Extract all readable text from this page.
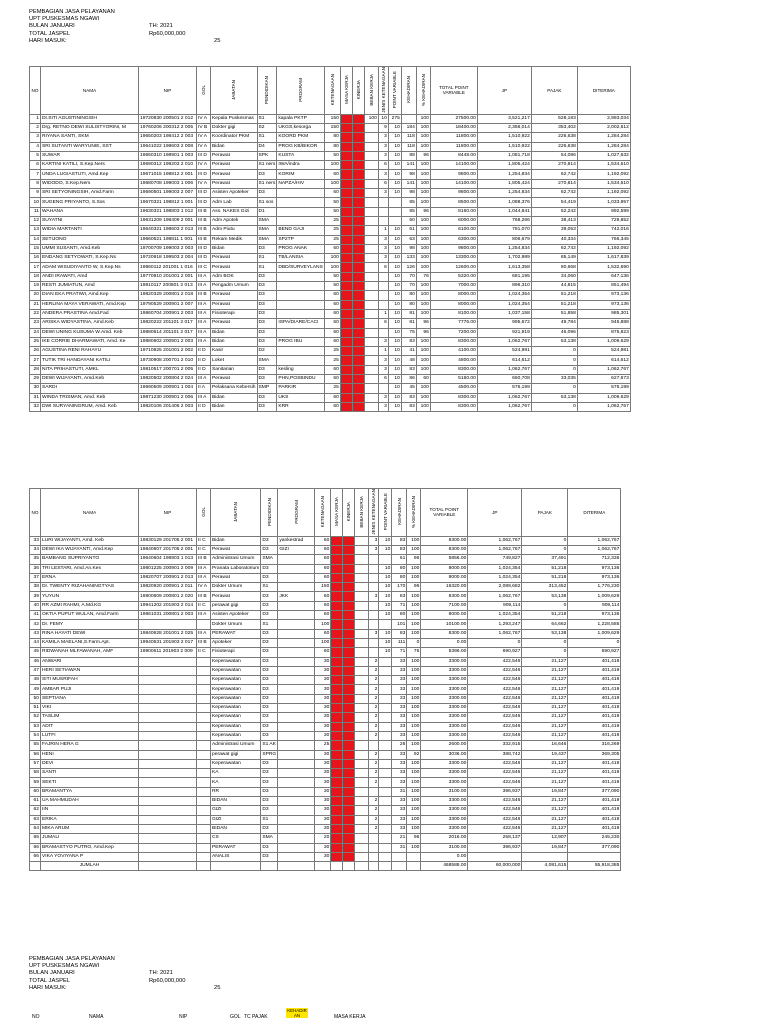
PEMBAGIAN JASA PELAYANAN
UPT PUSKESMAS NGAWI
BULAN JANUARI	TH: 2021
TOTAL JASPEL	Rp60,000,000
HARI MASUK:	25
NO	NAMA	NIP	GOL	JABATAN	PENDIDIKAN	PROGRAM	KETENAGAAN	MASA KERJA	KINERJA	BEBAN KERJA	JENIS KETENAGAAN	POINT VARIABLE	KEHADIRAN	% KEHADIRAN	TOTAL POINT VARIABLE	JP	PAJAK	DITERIMA
1	Dr.SITI AGUSTININGSIH	19720830 200501 2 012	IV A	Kepala Puskesmas	S1	kapala PKTP	150			100	10	275		100	27500.00	3,521,217	528,183	2,993,034
2	Drg. RETNO DEWI SULISTYORINI, M	19760206 200312 2 005	IV B	Dokter gigi	S2	UKGS,kesorga	150				9	10	184	100	18400.00	2,356,014	353,402	2,002,612
3	RIYANA SANTI, SKM	19650203 198412 2 003	IV A	Koordinator PKM	S1	KOORD PKM	80				3	10	118	100	11800.00	1,510,922	226,638	1,284,284
4	SRI SUTANTI WARYUNIE, SST	19641022 198603 2 008	IV A	Bidan	D4	PROG KB/BIKOR	80				3	10	118	100	11800.00	1,510,922	226,638	1,284,284
5	SUWAR	19650310 198901 1 003	III D	Perawat	SPK	KUSTA	50				3	10	88	96	8448.00	1,081,718	54,086	1,027,632
6	KARTINI KATILI, S.Kep.Ners	19690312 199203 2 010	IV A	Perawat	S1 ners	IWA/indra	100				6	10	141	100	14100.00	1,805,424	270,814	1,534,610
7	UNDA LUGIASTUTI, Amd.Kep	19671015 198812 2 001	III D	Perawat	D3	KORIM	60				3	10	98	100	9800.00	1,254,834	62,742	1,192,092
8	WIDODO, S.Kep.Ners	19680708 199003 1 006	IV A	Perawat	S1 ners	NAPZA/HIV	100				6	10	141	100	14100.00	1,805,424	270,814	1,534,610
9	SRI SETYONINGSIH, Amd.Farm	19690501 199003 2 007	III D	Asisten Apoteker	D3		60				3	10	98	100	9800.00	1,254,834	62,742	1,192,092
10	SUGENG PRIYANTO, S.Sos	19670321 198812 1 001	III D	Adm Lab	S1 sos		50						85	100	8500.00	1,088,376	54,419	1,033,957
11	WAHANA	19630321 198803 1 012	III B	Ass. NAKES Gizi	D1		50						85	96	8160.00	1,044,841	52,242	992,599
12	SUYATNI	19631209 198409 2 001	III B	Adm Apotek	SMA		25						60	100	6000.00	768,266	38,413	729,852
13	WIDIA MARTANTI	19640321 198603 2 013	III B	Adm Piutu	SMA	BEND GAJI	25				1	10	61	100	6100.00	781,070	39,053	742,016
14	SETIJONO	19660521 198811 1 001	III B	Rekam Medik	SMA	SP2TP	25				3	10	63	100	6300.00	806,679	40,334	766,345
15	UMMI SUSANTI, Amd.Keb	19700709 199003 2 003	III D	Bidan	D3	PROG ANAK	60				3	10	98	100	9800.00	1,254,834	62,742	1,192,092
16	ENDANG SETYOWATI, S.Kep.Ns	19720918 199503 2 004	III D	Perawat	S1	TB/LANSIA	100				3	10	133	100	13300.00	1,702,989	85,149	1,617,839
17	ADAM WISUDIYANTO W, S.Kep.Ns	19860112 201001 1 016	III C	Perawat	S1	DBD/SURVEYLANS	100				6	10	126	100	12600.00	1,613,358	80,668	1,532,690
18	ANDI IRAWATI, Amd	19770910 201001 2 001	III A	Adm BOK	D3		50					10	70	76	5320.00	681,195	34,060	647,136
19	RESTI JUMIATUN, Amd	19810117 200801 2 013	III A	Pengadm Umum	D3		50					10	70	100	7000.00	896,310	44,815	851,494
20	DIAN EKA PRATIWI, Amd.Kep	19820329 200801 2 018	III B	Perawat	D3		60					10	80	100	8000.00	1,024,354	51,218	973,136
21	HERLINA MAYA VERAWATI, Amd.Kep	19790529 200901 2 007	III A	Perawat	D3		60					10	80	100	8000.00	1,024,354	51,218	973,136
22	ANDERA PRASTINA Amd.Fad	19860704 200901 2 003	III A	Fisioterapi	D3		60				1	10	81	100	8100.00	1,037,158	51,858	985,301
23	ARISKA WIDYASTINA, Amd.Keb	19820222 201101 2 017	III A	Perawat	D3	ISPA/DIARE/CACI	60				6	10	81	96	7776.00	995,672	49,784	945,888
24	DEWI UNING KUSUMA W.Amd. Keb	19880614 201101 2 017	III A	Bidan	D3		60					10	75	96	7200.00	921,919	46,096	875,823
25	IKE CORRIE DHARMAWATI, Amd. Ke	19880602 200901 2 003	III A	Bidan	D3	PROG IBU	60				3	10	83	100	8300.00	1,062,767	53,138	1,009,629
26	AGUSTINA RENI RAHAYU	19710825 201001 2 002	II D	Kasir	D2		25				1	10	41	100	4100.00	524,981	0	524,981
27	TUTIK TRI HANDAYANI KATILI	19730908 200701 2 010	II D	Loket	SMA		25				3	10	48	100	4800.00	614,612	0	614,612
28	NITA PRIHASTUTI, AMKL	19810517 200701 2 005	II D	Sanitarian	D3	kesling	60				3	10	83	100	8300.00	1,062,767	0	1,062,767
29	DEWI WIJAYANTI, Amd.Keb	19820502 200804 2 024	III A	Perawat	D3	PHN,POSBINDU	60				6	10	86	60	5160.00	660,708	33,035	627,673
30	SARDI	19690509 200901 1 004	II A	Pelaksana Kebersih	SMP	PARKIR	25					10	45	100	4500.00	576,199	0	576,199
31	WINDA TRISMAN, Amd. Keb	19871230 200901 2 006	III A	Bidan	D3	UKS	60				3	10	83	100	8300.00	1,062,767	53,138	1,009,629
32	DWI SURYANINGRUM, Amd. Keb	19820106 201406 2 003	II D	Bidan	D3	KRR	60				3	10	83	100	8300.00	1,062,767	0	1,062,767
NO	NAMA	NIP	GOL	JABATAN	PENDIDIKAN	PROGRAM	KETENAGAAN	MASA KERJA	KINERJA	BEBAN KERJA	JENIS KETENAGAAN	POINT VARIABLE	KEHADIRAN	% KEHADIRAN	TOTAL POINT VARIABLE	JP	PAJAK	DITERIMA
33	LURI WIJAYANTI, Amd. Keb	19830129 201705 2 001	II C	Bidan	D3	yankestrad	60				3	10	83	100	8300.00	1,062,767	0	1,062,767
34	DEWI IKA WIJAYANTI, Amd.Kep	19840607 201705 2 001	II C	Perawat	D3	GIZI	60				3	10	83	100	8300.00	1,062,767	0	1,062,767
35	BAMBANG SUPRIYANTO	19640604 198903 1 013	III B	Administrasi Umum	SMA		60						61	96	5856.00	749,827	37,491	712,336
36	TRI LESTARI, Amd.An.Kes	19801225 200901 2 009	III A	Pranata Laboratorium	D3		60					10	80	100	8000.00	1,024,354	51,218	973,136
37	ERNA	19820707 200901 2 013	III A	Perawat	D3		60					10	80	100	8000.00	1,024,354	51,218	973,136
38	Dr. TWENTY RIZAHANINGTYAS	19820920 200901 2 011	IV A	Dokter Umum	S1		150					10	170	96	16320.00	2,089,682	313,452	1,776,230
39	YUYUN	19800609 200801 2 020	III B	Perawat	D3	JKK	60				3	10	83	100	8300.00	1,062,767	53,138	1,009,629
40	RR AZMI RAHMI, A.Md.KG	19941202 201903 2 014	II C	perawat gigi	D3		60					10	71	100	7100.00	909,114	0	909,114
41	OKTIA PUPUT WULAN, Amd.Farm	19861031 200801 2 003	III A	Asisten Apoteker	D3		60					10	80	100	8000.00	1,024,354	51,218	973,136
42	Dr. FEMY			Dokter Umum	S1		100						101	100	10100.00	1,293,247	64,662	1,228,585
43	RINA HAYATI DEWI	19840628 201001 2 025	III A	PERAWAT	D3		60				3	10	83	100	8300.00	1,062,767	53,138	1,009,629
44	KAMILA MAELANI,S.Farm.Apt.	19940531 201903 2 017	III B	Apoteker	D3		100					10	111	0	0.00	0	0	0
45	RIDWANAH MLFAWANAH, AMF	19900611 201903 2 009	II C	Fisioterapi	D3		60					10	71	76	5396.00	690,927	0	690,927
46	ANWARI			Keperawatan	D3		30				2		33	100	3300.00	422,546	21,127	401,419
47	HERI SETIAWAN			Keperawatan	D3		30				2		33	100	3300.00	422,546	21,127	401,419
48	SITI MUSRIFAH			Keperawatan	D3		30				2		33	100	3300.00	422,546	21,127	401,419
49	AMBAR PUJI			Keperawatan	D3		30				2		33	100	3300.00	422,546	21,127	401,419
50	SEPTIANA			Keperawatan	D3		30				2		33	100	3300.00	422,546	21,127	401,419
51	VIKI			Keperawatan	D3		30				2		33	100	3300.00	422,546	21,127	401,419
52	TASLIM			Keperawatan	D3		30				2		33	100	3300.00	422,546	21,127	401,419
53	ADIT			Keperawatan	D3		30				2		33	100	3300.00	422,546	21,127	401,419
54	LUTFI			Keperawatan	D3		30				2		33	100	3300.00	422,546	21,127	401,419
55	FAJRIN HERA G			Administrasi Umum	S1 AK		25						26	100	2600.00	332,915	16,646	316,269
56	HENI			perawat gigi	SPRG		30				2		33	92	3036.00	388,742	19,437	369,305
57	DEVI			Keperawatan	D3		30				2		33	100	3300.00	422,546	21,127	401,419
58	SANTI			KA	D3		30				2		33	100	3300.00	422,546	21,127	401,419
59	SEKTI			KA	D3		30				2		33	100	3300.00	422,546	21,127	401,419
60	BRAMANTYA			RR	D3		30						31	100	3100.00	396,937	19,847	377,090
61	UA MAHMUDAH			BIDAN	D3		30				2		33	100	3300.00	422,546	21,127	401,419
62	IIN			GIZI	D3		30				2		33	100	3300.00	422,546	21,127	401,419
63	ERIKA			GIZI	S1		30				2		33	100	3300.00	422,546	21,127	401,419
64	MIKA ARUM			BIDAN	D3		30				2		33	100	3300.00	422,546	21,127	401,419
65	JUMALI			CS	SMA		20						21	96	2016.00	258,137	12,907	245,230
66	BRAMASTYO PUTRO, Amd.Kep			PERAWAT	D3		30						31	100	3100.00	396,937	19,847	377,090
66	VIKA YOVIYANA P			ANALIS	D3		30								0.00			
	JUMLAH														468588.00	60,000,000	4,081,615	55,918,385
PEMBAGIAN JASA PELAYANAN
UPT PUSKESMAS NGAWI
BULAN JANUARI	TH: 2021
TOTAL JASPEL	Rp60,000,000
HARI MASUK:	25
NO	NAMA	NIP	GOL TC PAJAK
KEHADIR AN	MASA KERJA
